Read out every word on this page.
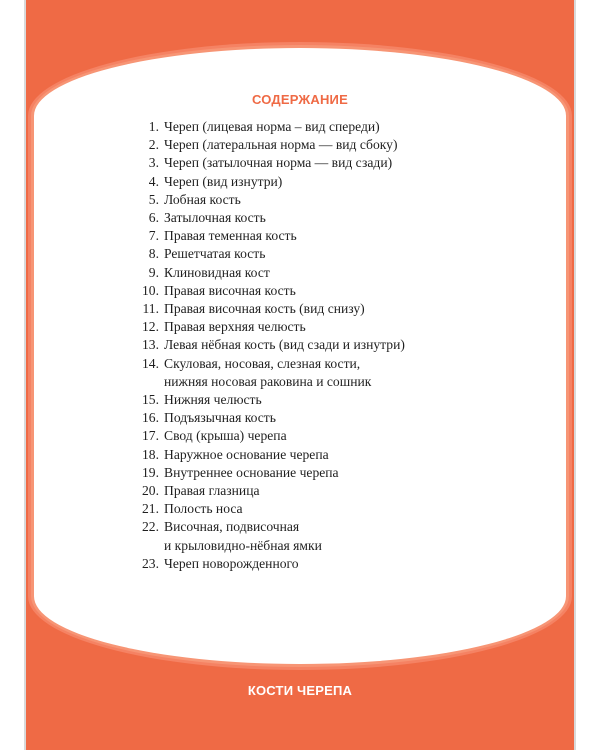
СОДЕРЖАНИЕ
1. Череп (лицевая норма – вид спереди)
2. Череп (латеральная норма — вид сбоку)
3. Череп (затылочная норма — вид сзади)
4. Череп (вид изнутри)
5. Лобная кость
6. Затылочная кость
7. Правая теменная кость
8. Решетчатая кость
9. Клиновидная кост
10. Правая височная кость
11. Правая височная кость (вид снизу)
12. Правая верхняя челюсть
13. Левая нёбная кость (вид сзади и изнутри)
14. Скуловая, носовая, слезная кости,
нижняя носовая раковина и сошник
15. Нижняя челюсть
16. Подъязычная кость
17. Свод (крыша) черепа
18. Наружное основание черепа
19. Внутреннее основание черепа
20. Правая глазница
21. Полость носа
22. Височная, подвисочная
и крыловидно-нёбная ямки
23. Череп новорожденного
КОСТИ ЧЕРЕПА
